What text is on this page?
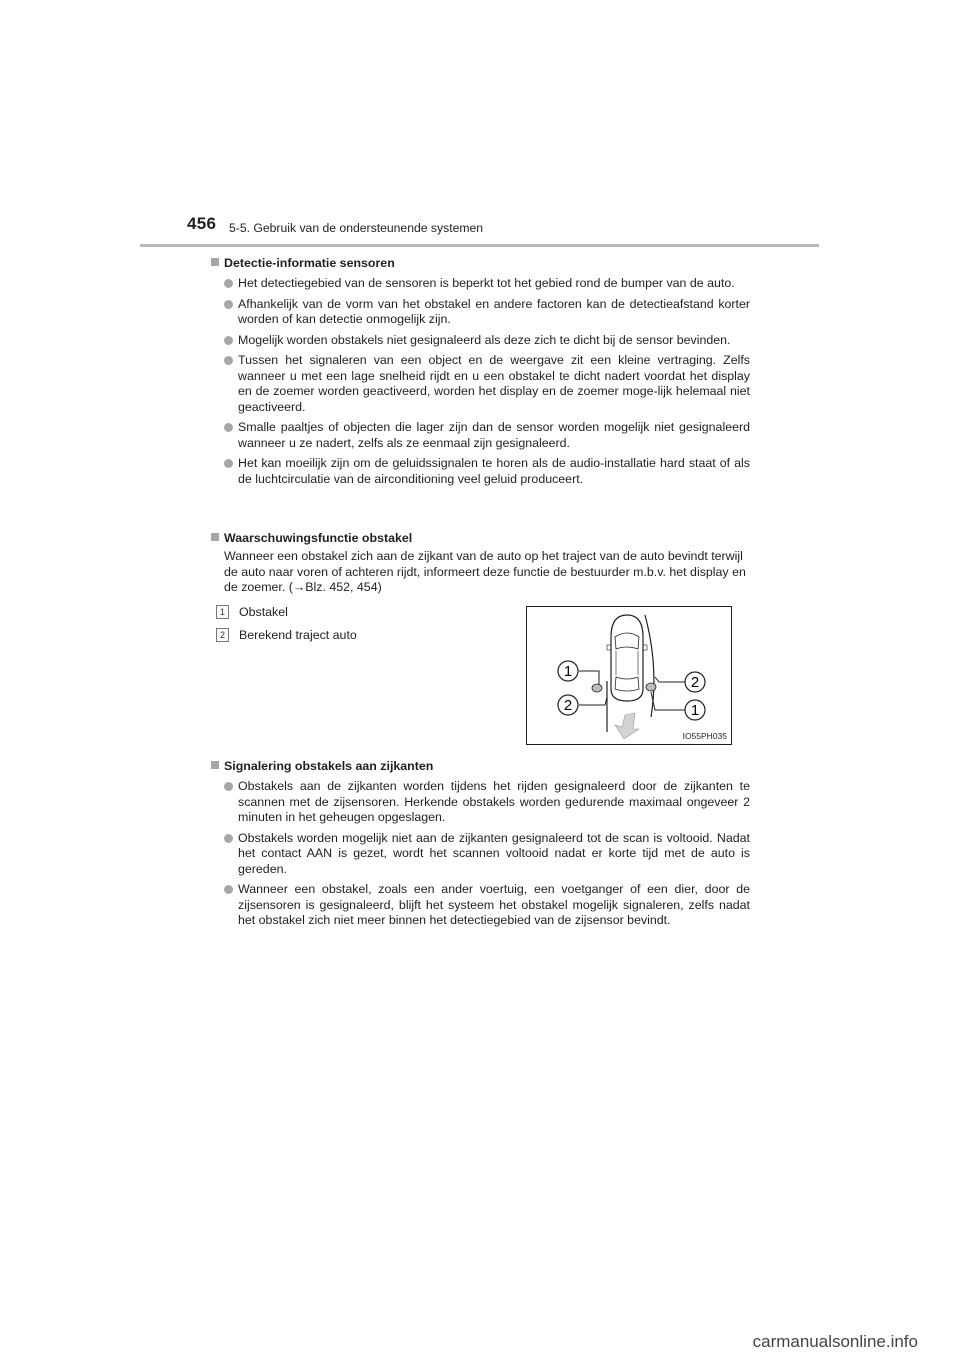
456 5-5. Gebruik van de ondersteunende systemen
Detectie-informatie sensoren
Het detectiegebied van de sensoren is beperkt tot het gebied rond de bumper van de auto.
Afhankelijk van de vorm van het obstakel en andere factoren kan de detectieafstand korter worden of kan detectie onmogelijk zijn.
Mogelijk worden obstakels niet gesignaleerd als deze zich te dicht bij de sensor bevinden.
Tussen het signaleren van een object en de weergave zit een kleine vertraging. Zelfs wanneer u met een lage snelheid rijdt en u een obstakel te dicht nadert voordat het display en de zoemer worden geactiveerd, worden het display en de zoemer moge-lijk helemaal niet geactiveerd.
Smalle paaltjes of objecten die lager zijn dan de sensor worden mogelijk niet gesignaleerd wanneer u ze nadert, zelfs als ze eenmaal zijn gesignaleerd.
Het kan moeilijk zijn om de geluidssignalen te horen als de audio-installatie hard staat of als de luchtcirculatie van de airconditioning veel geluid produceert.
Waarschuwingsfunctie obstakel
Wanneer een obstakel zich aan de zijkant van de auto op het traject van de auto bevindt terwijl de auto naar voren of achteren rijdt, informeert deze functie de bestuurder m.b.v. het display en de zoemer. (→Blz. 452, 454)
1	Obstakel
2	Berekend traject auto
1
2
2
1
IO55PH035
Signalering obstakels aan zijkanten
Obstakels aan de zijkanten worden tijdens het rijden gesignaleerd door de zijkanten te scannen met de zijsensoren. Herkende obstakels worden gedurende maximaal ongeveer 2 minuten in het geheugen opgeslagen.
Obstakels worden mogelijk niet aan de zijkanten gesignaleerd tot de scan is voltooid. Nadat het contact AAN is gezet, wordt het scannen voltooid nadat er korte tijd met de auto is gereden.
Wanneer een obstakel, zoals een ander voertuig, een voetganger of een dier, door de zijsensoren is gesignaleerd, blijft het systeem het obstakel mogelijk signaleren, zelfs nadat het obstakel zich niet meer binnen het detectiegebied van de zijsensor bevindt.
carmanualsonline.info
